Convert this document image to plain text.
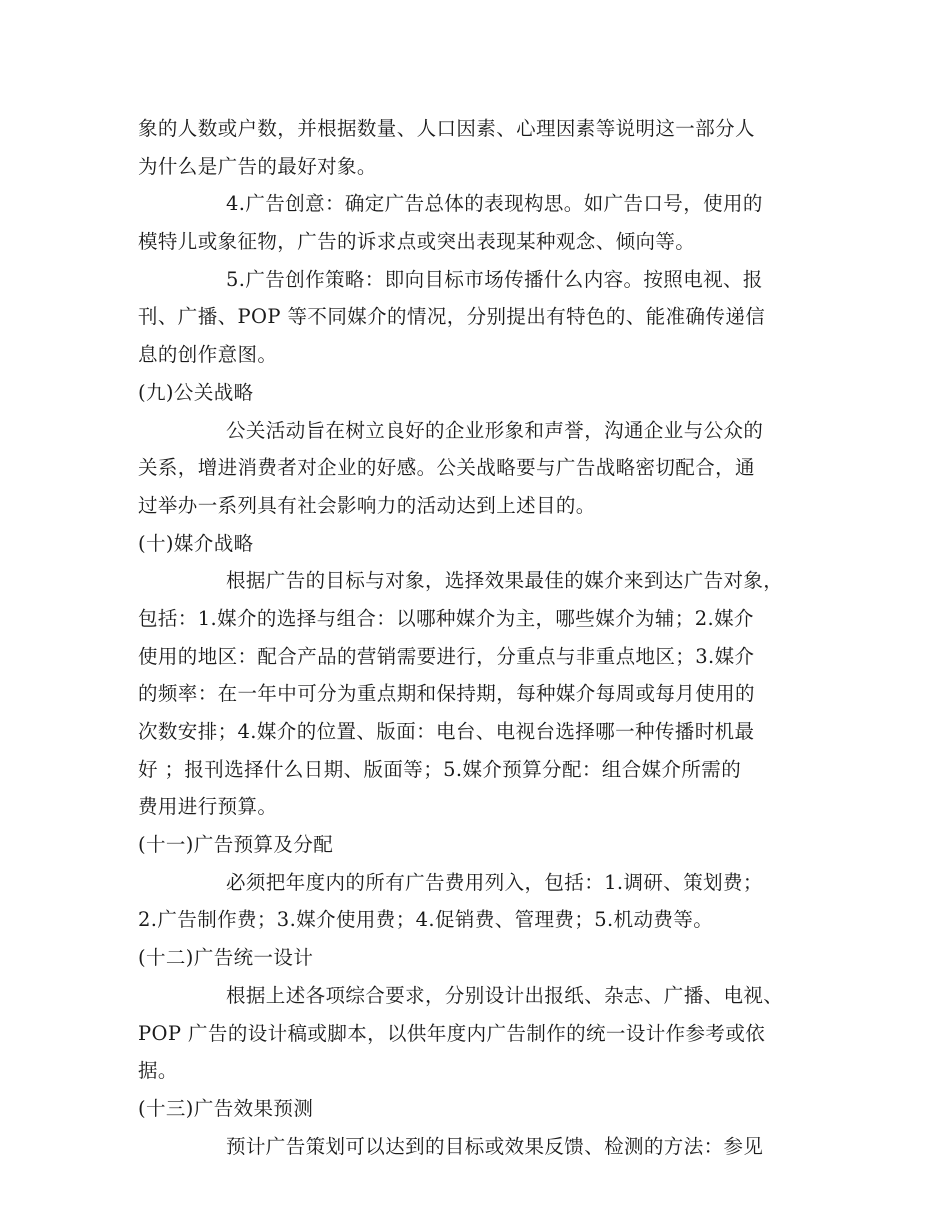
象的人数或户数，并根据数量、人口因素、心理因素等说明这一部分人
为什么是广告的最好对象。
4.广告创意：确定广告总体的表现构思。如广告口号，使用的
模特儿或象征物，广告的诉求点或突出表现某种观念、倾向等。
5.广告创作策略：即向目标市场传播什么内容。按照电视、报
刊、广播、POP 等不同媒介的情况，分别提出有特色的、能准确传递信
息的创作意图。
(九)公关战略
公关活动旨在树立良好的企业形象和声誉，沟通企业与公众的
关系，增进消费者对企业的好感。公关战略要与广告战略密切配合，通
过举办一系列具有社会影响力的活动达到上述目的。
(十)媒介战略
根据广告的目标与对象，选择效果最佳的媒介来到达广告对象，
包括：1.媒介的选择与组合：以哪种媒介为主，哪些媒介为辅；2.媒介
使用的地区：配合产品的营销需要进行，分重点与非重点地区；3.媒介
的频率：在一年中可分为重点期和保持期，每种媒介每周或每月使用的
次数安排；4.媒介的位置、版面：电台、电视台选择哪一种传播时机最
好 ；报刊选择什么日期、版面等；5.媒介预算分配：组合媒介所需的
费用进行预算。
(十一)广告预算及分配
必须把年度内的所有广告费用列入，包括：1.调研、策划费；
2.广告制作费；3.媒介使用费；4.促销费、管理费；5.机动费等。
(十二)广告统一设计
根据上述各项综合要求，分别设计出报纸、杂志、广播、电视、
POP 广告的设计稿或脚本，以供年度内广告制作的统一设计作参考或依
据。
(十三)广告效果预测
预计广告策划可以达到的目标或效果反馈、检测的方法：参见
